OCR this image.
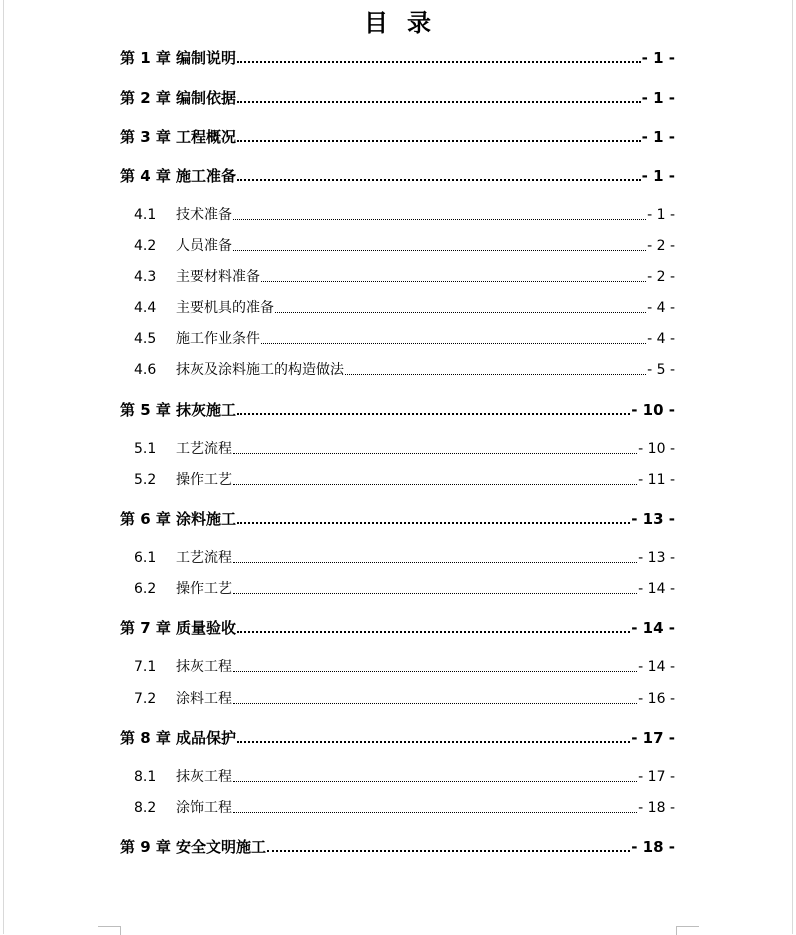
目 录
第 1 章 编制说明	- 1 -
第 2 章 编制依据	- 1 -
第 3 章 工程概况	- 1 -
第 4 章 施工准备	- 1 -
4.1	技术准备	- 1 -
4.2	人员准备	- 2 -
4.3	主要材料准备	- 2 -
4.4	主要机具的准备	- 4 -
4.5	施工作业条件	- 4 -
4.6	抹灰及涂料施工的构造做法	- 5 -
第 5 章 抹灰施工	- 10 -
5.1	工艺流程	- 10 -
5.2	操作工艺	- 11 -
第 6 章 涂料施工	- 13 -
6.1	工艺流程	- 13 -
6.2	操作工艺	- 14 -
第 7 章 质量验收	- 14 -
7.1	抹灰工程	- 14 -
7.2	涂料工程	- 16 -
第 8 章 成品保护	- 17 -
8.1	抹灰工程	- 17 -
8.2	涂饰工程	- 18 -
第 9 章 安全文明施工	- 18 -
